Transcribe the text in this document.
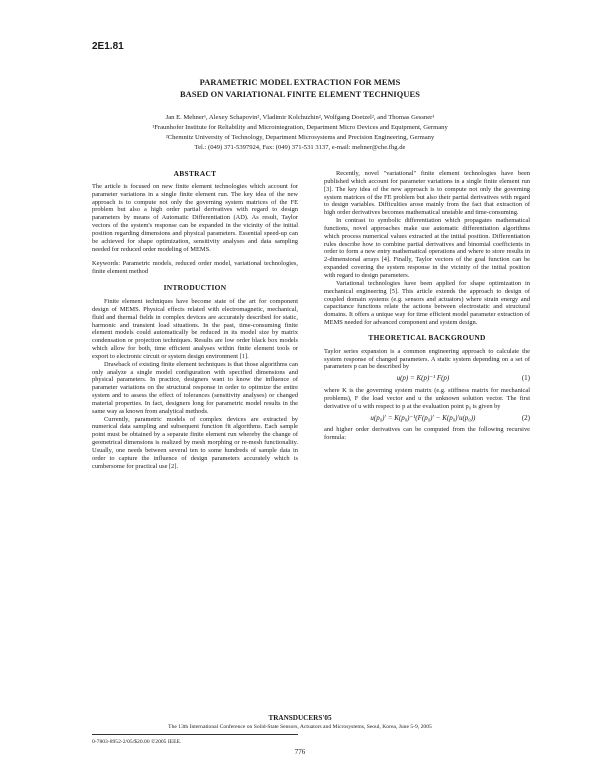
2E1.81
PARAMETRIC MODEL EXTRACTION FOR MEMS
BASED ON VARIATIONAL FINITE ELEMENT TECHNIQUES
Jan E. Mehner¹, Alexey Schapovin², Vladimir Kolchuzhin², Wolfgang Doetzel², and Thomas Gessner¹
¹Fraunhofer Institute for Reliability and Microintegration, Department Micro Devices and Equipment, Germany
²Chemnitz University of Technology, Department Microsystems and Precision Engineering, Germany
Tel.: (049) 371-5397924, Fax: (049) 371-531 3137, e-mail: mehner@che.fhg.de

ABSTRACT

The article is focused on new finite element technologies which account for parameter variations in a single finite element run. The key idea of the new approach is to compute not only the governing system matrices of the FE problem but also a high order partial derivatives with regard to design parameters by means of Automatic Differentiation (AD). As result, Taylor vectors of the system's response can be expanded in the vicinity of the initial position regarding dimensions and physical parameters. Essential speed-up can be achieved for shape optimization, sensitivity analyses and data sampling needed for reduced order modeling of MEMS.

Keywords: Parametric models, reduced order model, variational technologies, finite element method

INTRODUCTION

Finite element techniques have become state of the art for component design of MEMS. Physical effects related with electromagnetic, mechanical, fluid and thermal fields in complex devices are accurately described for static, harmonic and transient load situations. In the past, time-consuming finite element models could automatically be reduced in its model size by matrix condensation or projection techniques. Results are low order black box models which allow for both, time efficient analyses within finite element tools or export to electronic circuit or system design environment [1].

Drawback of existing finite element techniques is that those algorithms can only analyze a single model configuration with specified dimensions and physical parameters. In practice, designers want to know the influence of parameter variations on the structural response in order to optimize the entire system and to assess the effect of tolerances (sensitivity analyses) or changed material properties. In fact, designers long for parametric model results in the same way as known from analytical methods.

Currently, parametric models of complex devices are extracted by numerical data sampling and subsequent function fit algorithms. Each sample point must be obtained by a separate finite element run whereby the change of geometrical dimensions is realized by mesh morphing or re-mesh functionality. Usually, one needs between several ten to some hundreds of sample data in order to capture the influence of design parameters accurately which is cumbersome for practical use [2].

Recently, novel "variational" finite element technologies have been published which account for parameter variations in a single finite element run [3]. The key idea of the new approach is to compute not only the governing system matrices of the FE problem but also their partial derivatives with regard to design variables. Difficulties arose mainly from the fact that extraction of high order derivatives becomes mathematical unstable and time-consuming.

In contrast to symbolic differentiation which propagates mathematical functions, novel approaches make use automatic differentiation algorithms which process numerical values extracted at the initial position. Differentiation rules describe how to combine partial derivatives and binomial coefficients in order to form a new entry mathematical operations and where to store results in 2-dimensional arrays [4]. Finally, Taylor vectors of the goal function can be expanded covering the system response in the vicinity of the initial position with regard to design parameters.

Variational technologies have been applied for shape optimization in mechanical engineering [5]. This article extends the approach to design of coupled domain systems (e.g. sensors and actuators) where strain energy and capacitance functions relate the actions between electrostatic and structural domains. It offers a unique way for time efficient model parameter extraction of MEMS needed for advanced component and system design.

THEORETICAL BACKGROUND

Taylor series expansion is a common engineering approach to calculate the system response of changed parameters. A static system depending on a set of parameters p can be described by

u(p) = K(p)⁻¹ F(p)	(1)

where K is the governing system matrix (e.g. stiffness matrix for mechanical problems), F the load vector and u the unknown solution vector. The first derivative of u with respect to p at the evaluation point p₀ is given by

u(p₀)' = K(p₀)⁻¹(F(p₀)' − K(p₀)'u(p₀))	(2)

and higher order derivatives can be computed from the following recursive formula:

TRANSDUCERS'05
The 13th International Conference on Solid-State Sensors, Actuators and Microsystems, Seoul, Korea, June 5-9, 2005
0-7803-8952-2/05/$20.00 ©2005 IEEE.
776
